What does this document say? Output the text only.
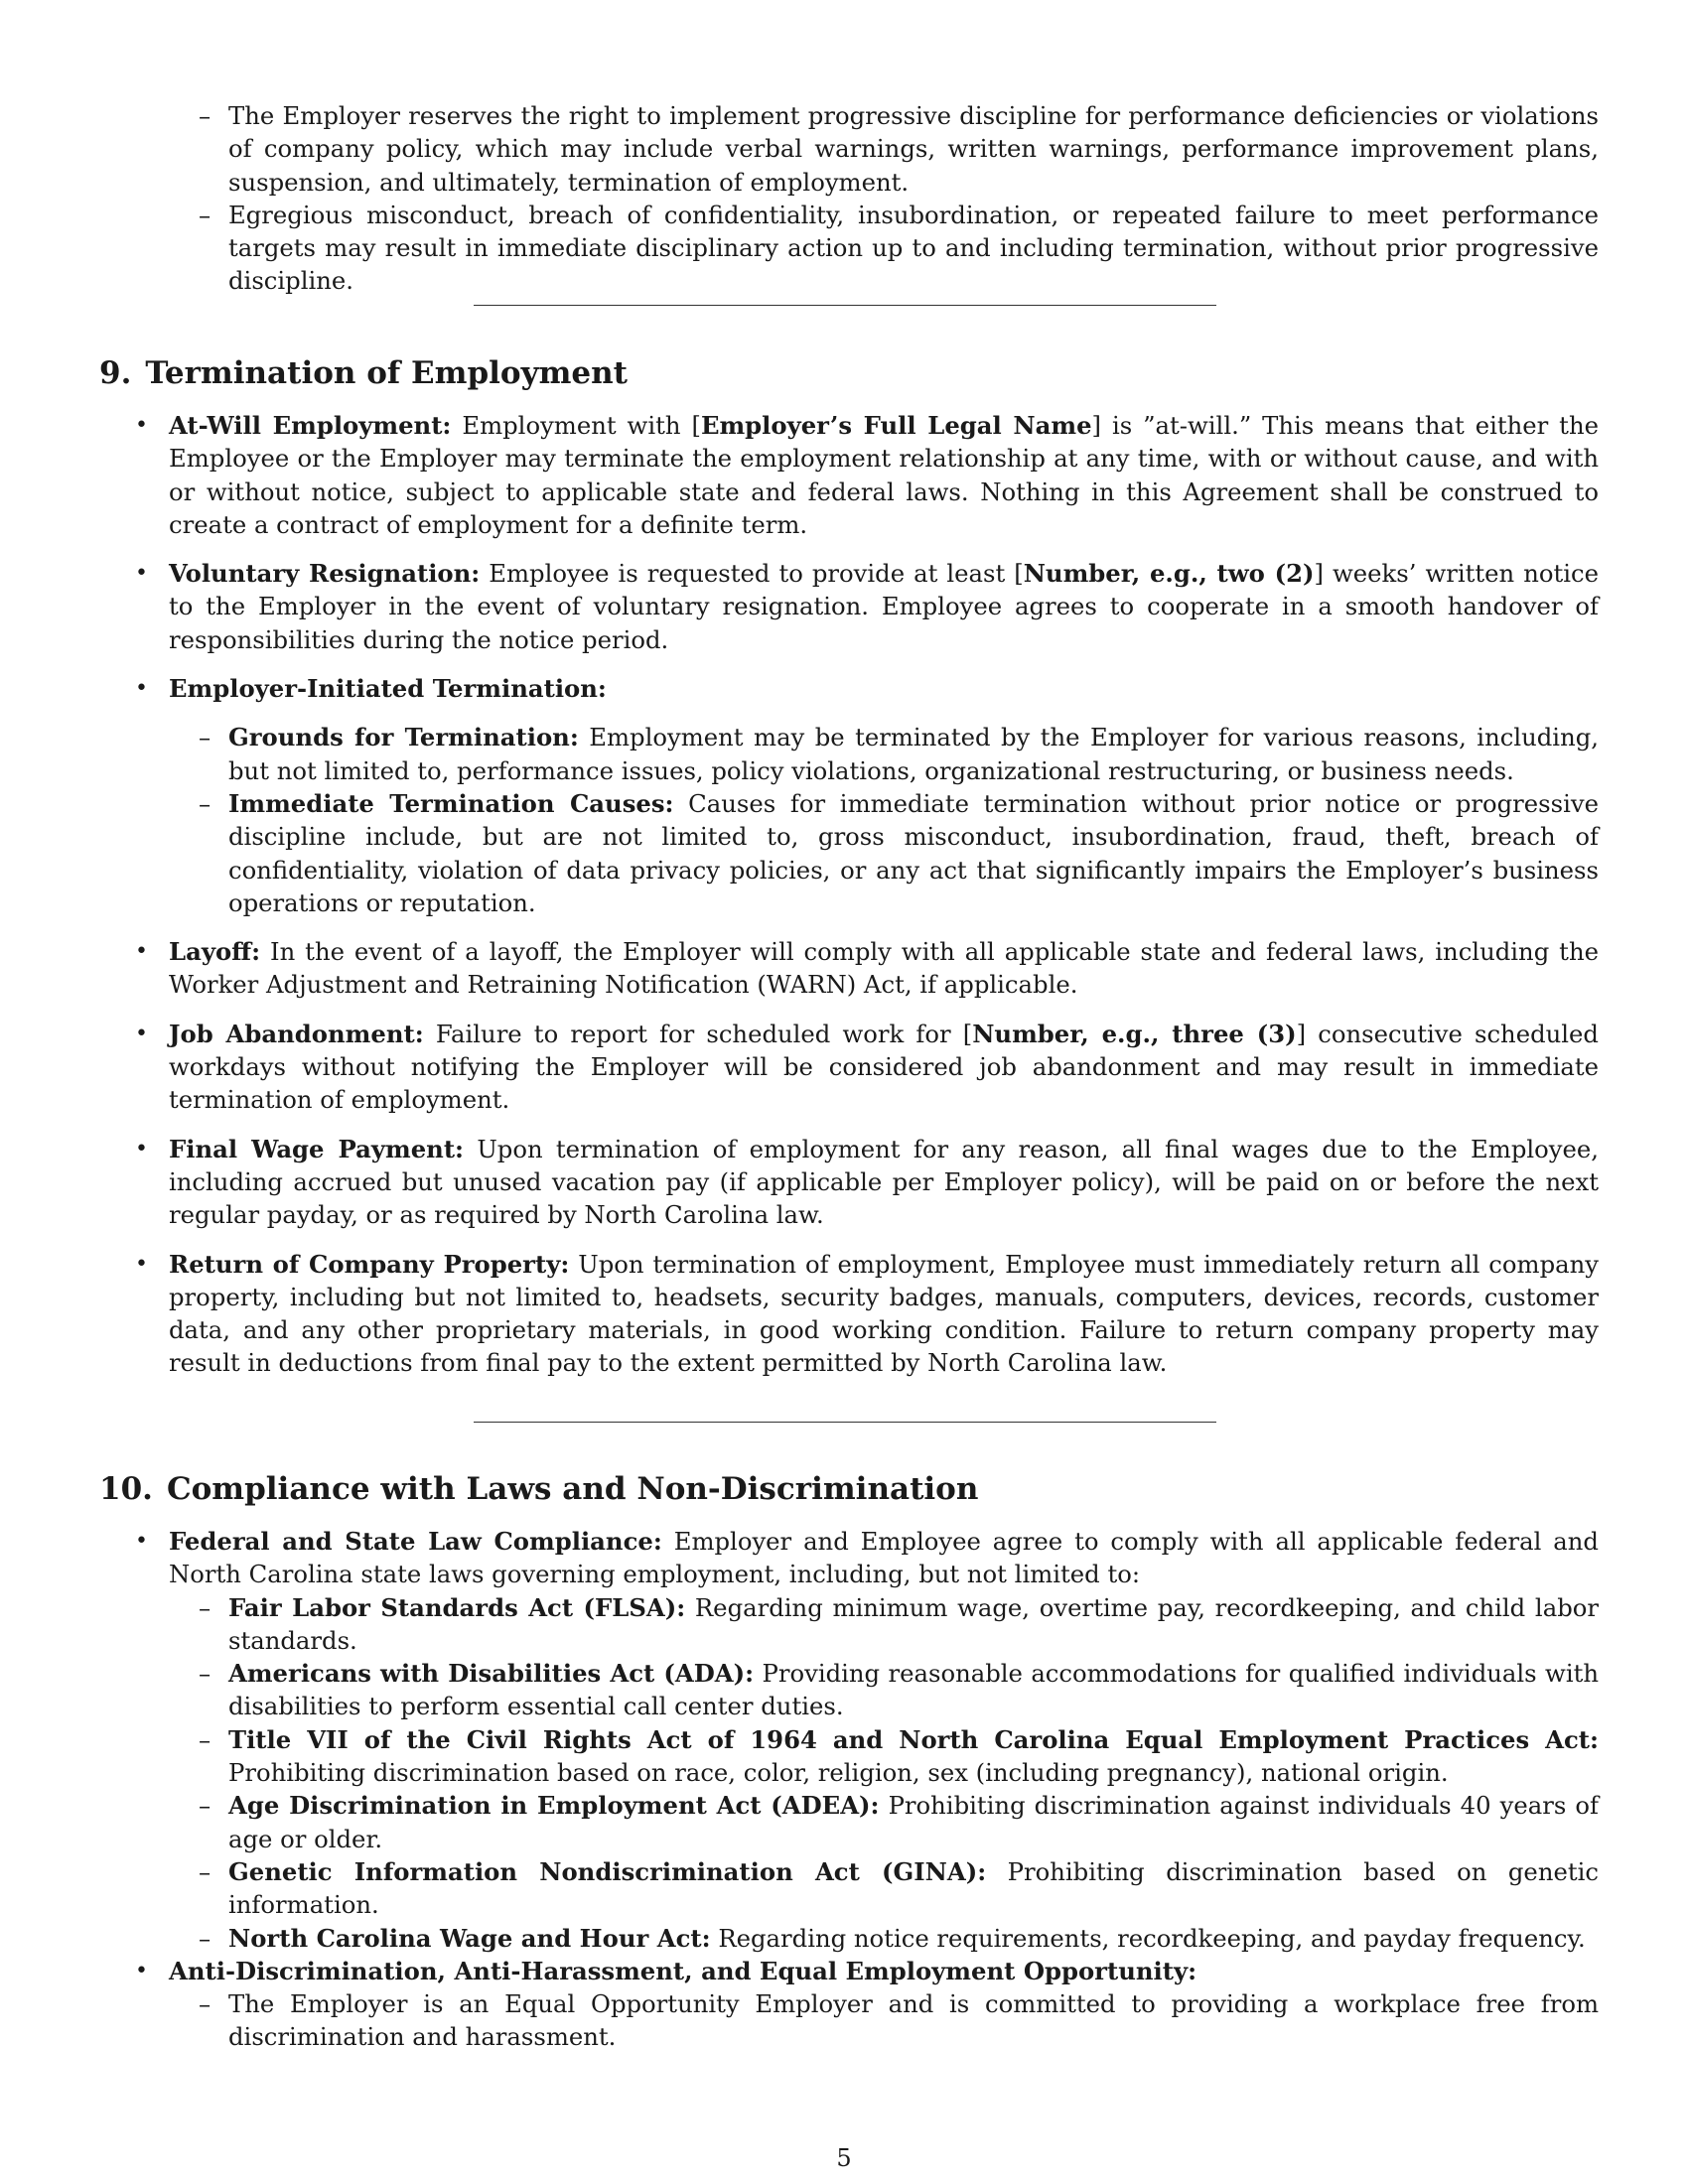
– The Employer reserves the right to implement progressive discipline for performance deficiencies or violations of company policy, which may include verbal warnings, written warnings, performance improvement plans, suspension, and ultimately, termination of employment.
– Egregious misconduct, breach of confidentiality, insubordination, or repeated failure to meet performance targets may result in immediate disciplinary action up to and including termination, without prior progressive discipline.
9. Termination of Employment
• At-Will Employment: Employment with [Employer’s Full Legal Name] is ”at-will.” This means that either the Employee or the Employer may terminate the employment relationship at any time, with or without cause, and with or without notice, subject to applicable state and federal laws. Nothing in this Agreement shall be construed to create a contract of employment for a definite term.
• Voluntary Resignation: Employee is requested to provide at least [Number, e.g., two (2)] weeks’ written notice to the Employer in the event of voluntary resignation. Employee agrees to cooperate in a smooth handover of responsibilities during the notice period.
• Employer-Initiated Termination:
– Grounds for Termination: Employment may be terminated by the Employer for various reasons, including, but not limited to, performance issues, policy violations, organizational restructuring, or business needs.
– Immediate Termination Causes: Causes for immediate termination without prior notice or progressive discipline include, but are not limited to, gross misconduct, insubordination, fraud, theft, breach of confidentiality, violation of data privacy policies, or any act that significantly impairs the Employer’s business operations or reputation.
• Layoff: In the event of a layoff, the Employer will comply with all applicable state and federal laws, including the Worker Adjustment and Retraining Notification (WARN) Act, if applicable.
• Job Abandonment: Failure to report for scheduled work for [Number, e.g., three (3)] consecutive scheduled workdays without notifying the Employer will be considered job abandonment and may result in immediate termination of employment.
• Final Wage Payment: Upon termination of employment for any reason, all final wages due to the Employee, including accrued but unused vacation pay (if applicable per Employer policy), will be paid on or before the next regular payday, or as required by North Carolina law.
• Return of Company Property: Upon termination of employment, Employee must immediately return all company property, including but not limited to, headsets, security badges, manuals, computers, devices, records, customer data, and any other proprietary materials, in good working condition. Failure to return company property may result in deductions from final pay to the extent permitted by North Carolina law.
10. Compliance with Laws and Non-Discrimination
• Federal and State Law Compliance: Employer and Employee agree to comply with all applicable federal and North Carolina state laws governing employment, including, but not limited to:
– Fair Labor Standards Act (FLSA): Regarding minimum wage, overtime pay, recordkeeping, and child labor standards.
– Americans with Disabilities Act (ADA): Providing reasonable accommodations for qualified individuals with disabilities to perform essential call center duties.
– Title VII of the Civil Rights Act of 1964 and North Carolina Equal Employment Practices Act: Prohibiting discrimination based on race, color, religion, sex (including pregnancy), national origin.
– Age Discrimination in Employment Act (ADEA): Prohibiting discrimination against individuals 40 years of age or older.
– Genetic Information Nondiscrimination Act (GINA): Prohibiting discrimination based on genetic information.
– North Carolina Wage and Hour Act: Regarding notice requirements, recordkeeping, and payday frequency.
• Anti-Discrimination, Anti-Harassment, and Equal Employment Opportunity:
– The Employer is an Equal Opportunity Employer and is committed to providing a workplace free from discrimination and harassment.
5
